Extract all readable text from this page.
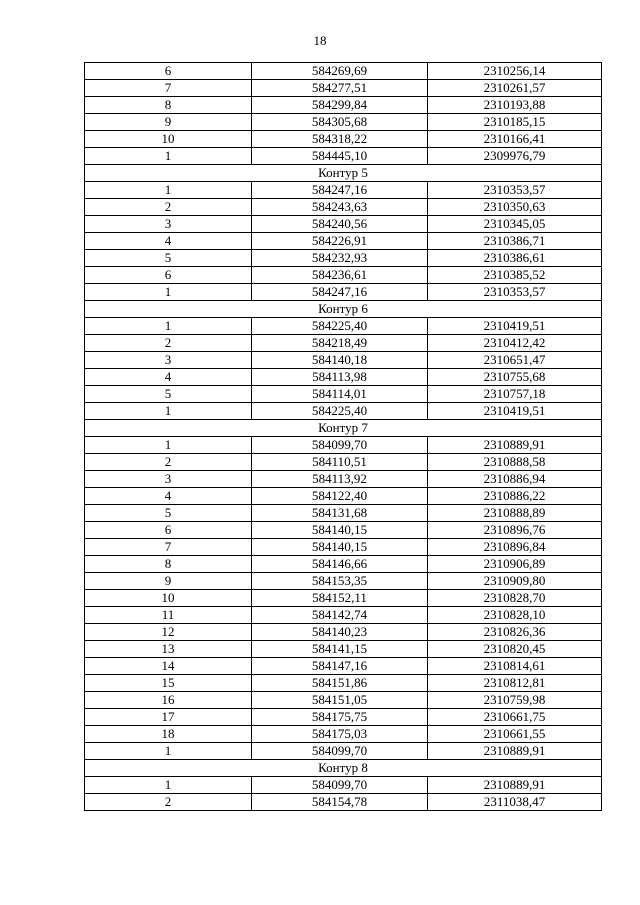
18
6	584269,69	2310256,14
7	584277,51	2310261,57
8	584299,84	2310193,88
9	584305,68	2310185,15
10	584318,22	2310166,41
1	584445,10	2309976,79
Контур 5		
1	584247,16	2310353,57
2	584243,63	2310350,63
3	584240,56	2310345,05
4	584226,91	2310386,71
5	584232,93	2310386,61
6	584236,61	2310385,52
1	584247,16	2310353,57
Контур 6		
1	584225,40	2310419,51
2	584218,49	2310412,42
3	584140,18	2310651,47
4	584113,98	2310755,68
5	584114,01	2310757,18
1	584225,40	2310419,51
Контур 7		
1	584099,70	2310889,91
2	584110,51	2310888,58
3	584113,92	2310886,94
4	584122,40	2310886,22
5	584131,68	2310888,89
6	584140,15	2310896,76
7	584140,15	2310896,84
8	584146,66	2310906,89
9	584153,35	2310909,80
10	584152,11	2310828,70
11	584142,74	2310828,10
12	584140,23	2310826,36
13	584141,15	2310820,45
14	584147,16	2310814,61
15	584151,86	2310812,81
16	584151,05	2310759,98
17	584175,75	2310661,75
18	584175,03	2310661,55
1	584099,70	2310889,91
Контур 8		
1	584099,70	2310889,91
2	584154,78	2311038,47
